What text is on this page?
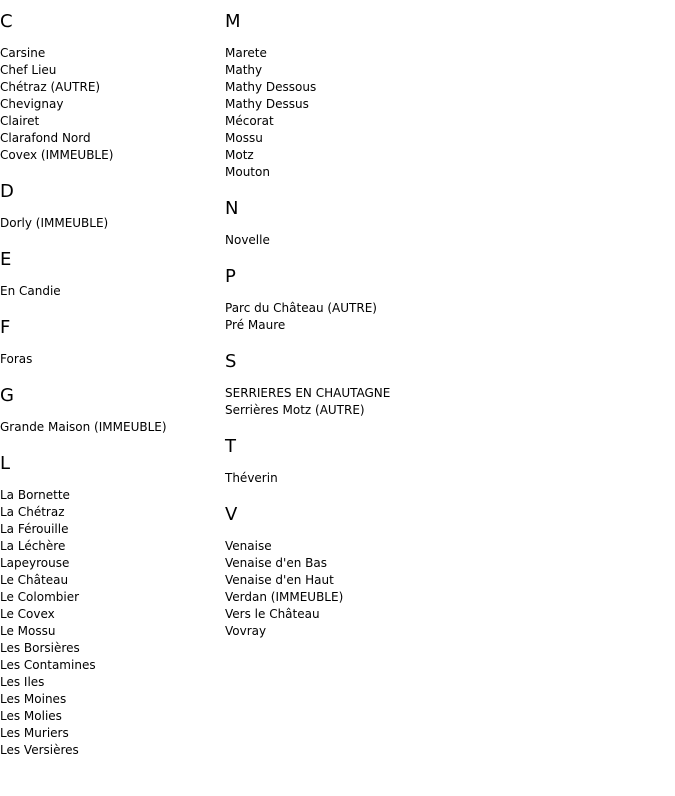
C
Carsine
Chef Lieu
Chétraz (AUTRE)
Chevignay
Clairet
Clarafond Nord
Covex (IMMEUBLE)
D
Dorly (IMMEUBLE)
E
En Candie
F
Foras
G
Grande Maison (IMMEUBLE)
L
La Bornette
La Chétraz
La Férouille
La Léchère
Lapeyrouse
Le Château
Le Colombier
Le Covex
Le Mossu
Les Borsières
Les Contamines
Les Iles
Les Moines
Les Molies
Les Muriers
Les Versières
M
Marete
Mathy
Mathy Dessous
Mathy Dessus
Mécorat
Mossu
Motz
Mouton
N
Novelle
P
Parc du Château (AUTRE)
Pré Maure
S
SERRIERES EN CHAUTAGNE
Serrières Motz (AUTRE)
T
Théverin
V
Venaise
Venaise d'en Bas
Venaise d'en Haut
Verdan (IMMEUBLE)
Vers le Château
Vovray
